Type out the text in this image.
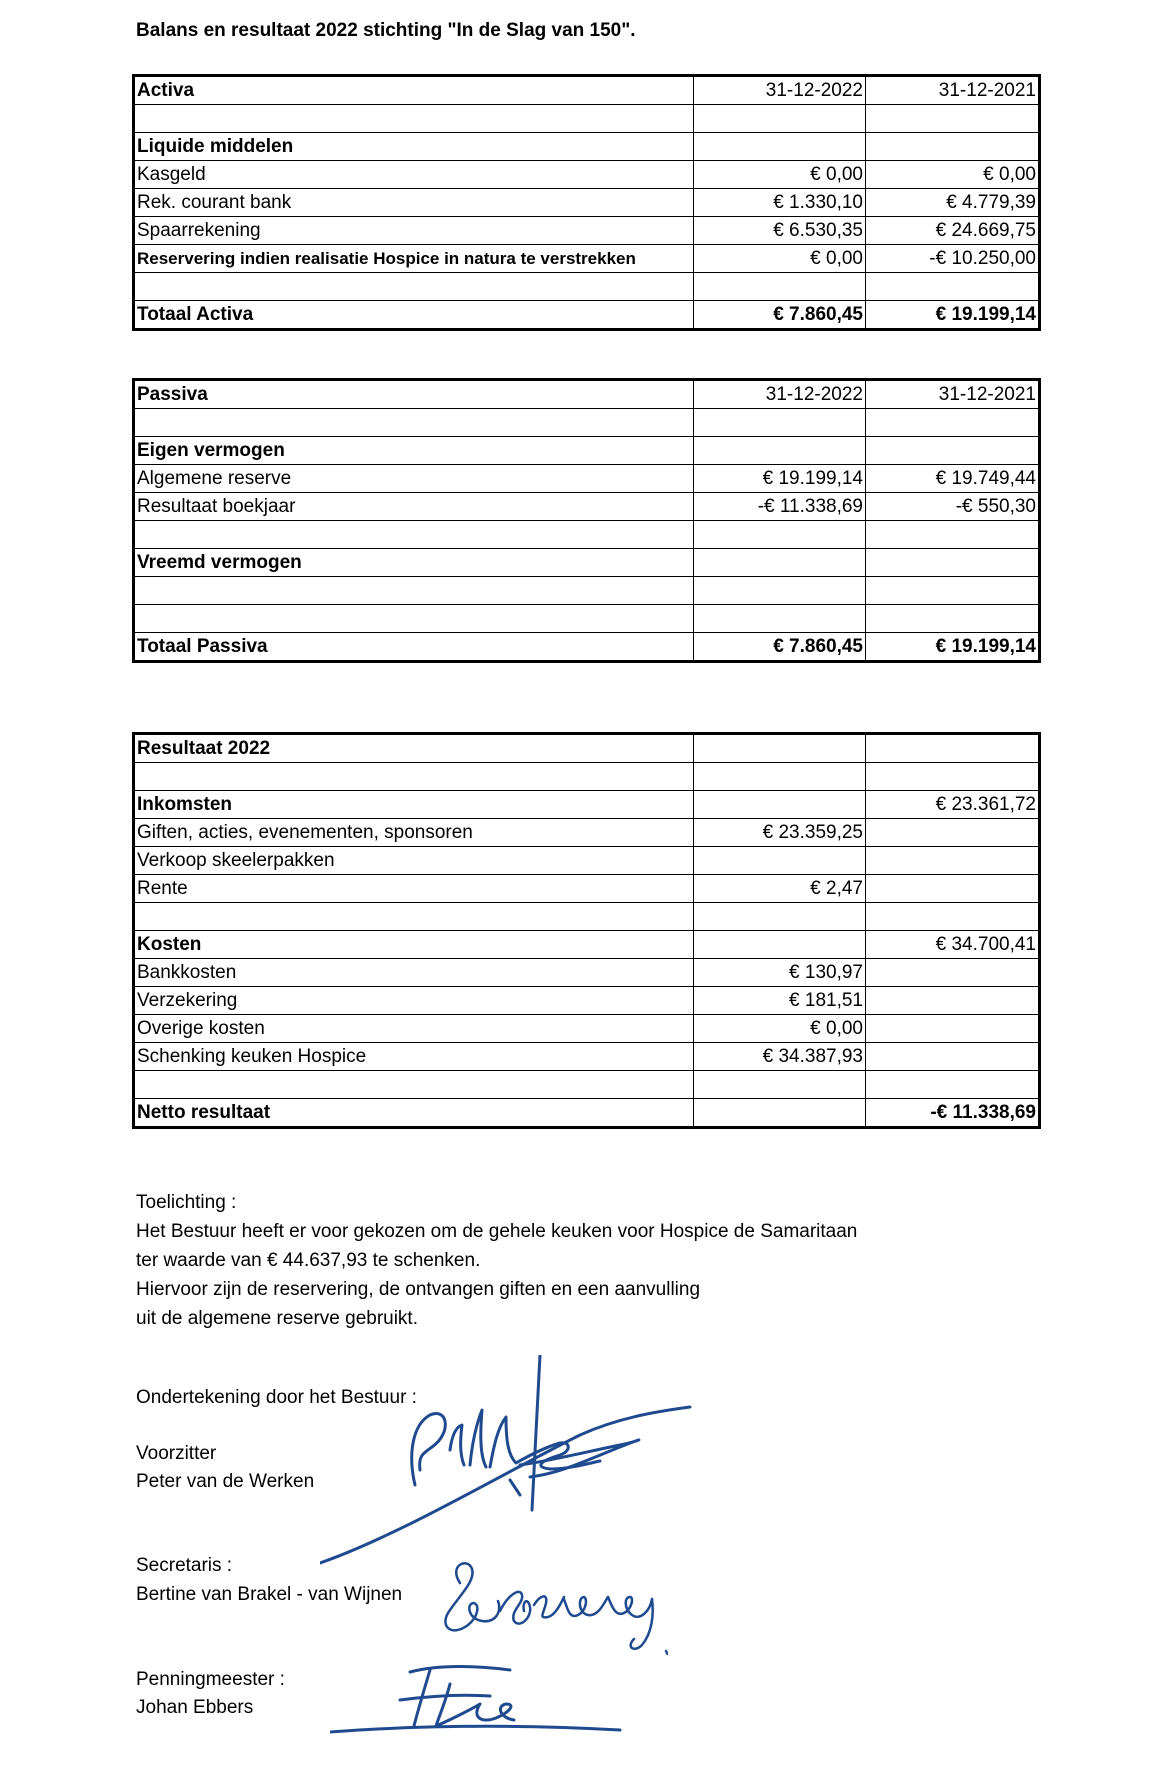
Balans en resultaat 2022 stichting "In de Slag van 150".
Activa	31-12-2022	31-12-2021

Liquide middelen		
Kasgeld	€ 0,00	€ 0,00
Rek. courant bank	€ 1.330,10	€ 4.779,39
Spaarrekening	€ 6.530,35	€ 24.669,75
Reservering indien realisatie Hospice in natura te verstrekken	€ 0,00	-€ 10.250,00

Totaal Activa	€ 7.860,45	€ 19.199,14
Passiva	31-12-2022	31-12-2021

Eigen vermogen		
Algemene reserve	€ 19.199,14	€ 19.749,44
Resultaat boekjaar	-€ 11.338,69	-€ 550,30

Vreemd vermogen		

Totaal Passiva	€ 7.860,45	€ 19.199,14
Resultaat 2022		

Inkomsten		€ 23.361,72
Giften, acties, evenementen, sponsoren	€ 23.359,25	
Verkoop skeelerpakken		
Rente	€ 2,47	

Kosten		€ 34.700,41
Bankkosten	€ 130,97	
Verzekering	€ 181,51	
Overige kosten	€ 0,00	
Schenking keuken Hospice	€ 34.387,93	

Netto resultaat		-€ 11.338,69
Toelichting :
Het Bestuur heeft er voor gekozen om de gehele keuken voor Hospice de Samaritaan
ter waarde van € 44.637,93 te schenken.
Hiervoor zijn de reservering, de ontvangen giften en een aanvulling
uit de algemene reserve gebruikt.
Ondertekening door het Bestuur :
Voorzitter
Peter van de Werken
Secretaris :
Bertine van Brakel - van Wijnen
Penningmeester :
Johan Ebbers
